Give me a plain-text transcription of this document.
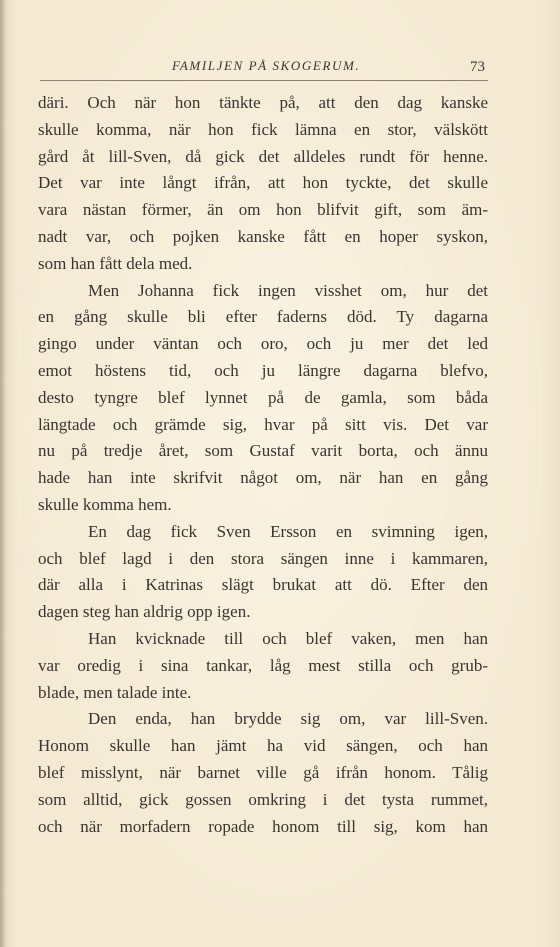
FAMILJEN PÅ SKOGERUM.	73
däri. Och när hon tänkte på, att den dag kanske
skulle komma, när hon fick lämna en stor, välskött
gård åt lill-Sven, då gick det alldeles rundt för henne.
Det var inte långt ifrån, att hon tyckte, det skulle
vara nästan förmer, än om hon blifvit gift, som äm-
nadt var, och pojken kanske fått en hoper syskon,
som han fått dela med.
Men Johanna fick ingen visshet om, hur det
en gång skulle bli efter faderns död. Ty dagarna
gingo under väntan och oro, och ju mer det led
emot höstens tid, och ju längre dagarna blefvo,
desto tyngre blef lynnet på de gamla, som båda
längtade och grämde sig, hvar på sitt vis. Det var
nu på tredje året, som Gustaf varit borta, och ännu
hade han inte skrifvit något om, när han en gång
skulle komma hem.
En dag fick Sven Ersson en svimning igen,
och blef lagd i den stora sängen inne i kammaren,
där alla i Katrinas slägt brukat att dö. Efter den
dagen steg han aldrig opp igen.
Han kvicknade till och blef vaken, men han
var oredig i sina tankar, låg mest stilla och grub-
blade, men talade inte.
Den enda, han brydde sig om, var lill-Sven.
Honom skulle han jämt ha vid sängen, och han
blef misslynt, när barnet ville gå ifrån honom. Tålig
som alltid, gick gossen omkring i det tysta rummet,
och när morfadern ropade honom till sig, kom han
